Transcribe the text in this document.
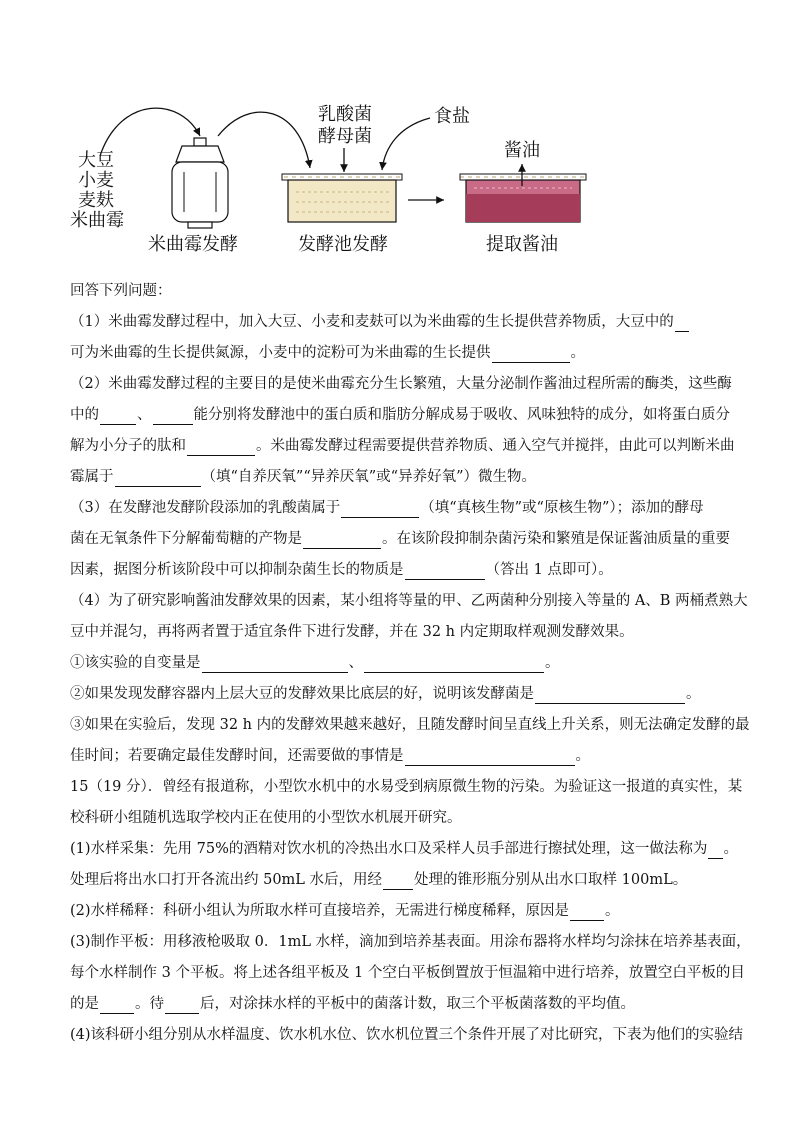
大豆
小麦
麦麸
米曲霉
乳酸菌
酵母菌
食盐
酱油
米曲霉发酵	发酵池发酵	提取酱油
回答下列问题：
（1）米曲霉发酵过程中，加入大豆、小麦和麦麸可以为米曲霉的生长提供营养物质，大豆中的
可为米曲霉的生长提供氮源，小麦中的淀粉可为米曲霉的生长提供	。
（2）米曲霉发酵过程的主要目的是使米曲霉充分生长繁殖，大量分泌制作酱油过程所需的酶类，这些酶
中的	、	能分别将发酵池中的蛋白质和脂肪分解成易于吸收、风味独特的成分，如将蛋白质分
解为小分子的肽和	。米曲霉发酵过程需要提供营养物质、通入空气并搅拌，由此可以判断米曲
霉属于	（填“自养厌氧”“异养厌氧”或“异养好氧”）微生物。
（3）在发酵池发酵阶段添加的乳酸菌属于	（填“真核生物”或“原核生物”）；添加的酵母
菌在无氧条件下分解葡萄糖的产物是	。在该阶段抑制杂菌污染和繁殖是保证酱油质量的重要
因素，据图分析该阶段中可以抑制杂菌生长的物质是	（答出 1 点即可）。
（4）为了研究影响酱油发酵效果的因素，某小组将等量的甲、乙两菌种分别接入等量的 A、B 两桶煮熟大
豆中并混匀，再将两者置于适宜条件下进行发酵，并在 32 h 内定期取样观测发酵效果。
①该实验的自变量是	、	。
②如果发现发酵容器内上层大豆的发酵效果比底层的好，说明该发酵菌是	。
③如果在实验后，发现 32 h 内的发酵效果越来越好，且随发酵时间呈直线上升关系，则无法确定发酵的最
佳时间；若要确定最佳发酵时间，还需要做的事情是	。
15（19 分）．曾经有报道称，小型饮水机中的水易受到病原微生物的污染。为验证这一报道的真实性，某
校科研小组随机选取学校内正在使用的小型饮水机展开研究。
(1)水样采集：先用 75%的酒精对饮水机的冷热出水口及采样人员手部进行擦拭处理，这一做法称为 。
处理后将出水口打开各流出约 50mL 水后，用经 处理的锥形瓶分别从出水口取样 100mL。
(2)水样稀释：科研小组认为所取水样可直接培养，无需进行梯度稀释，原因是 。
(3)制作平板：用移液枪吸取 0．1mL 水样，滴加到培养基表面。用涂布器将水样均匀涂抹在培养基表面，
每个水样制作 3 个平板。将上述各组平板及 1 个空白平板倒置放于恒温箱中进行培养，放置空白平板的目
的是 。待 后，对涂抹水样的平板中的菌落计数，取三个平板菌落数的平均值。
(4)该科研小组分别从水样温度、饮水机水位、饮水机位置三个条件开展了对比研究，下表为他们的实验结
